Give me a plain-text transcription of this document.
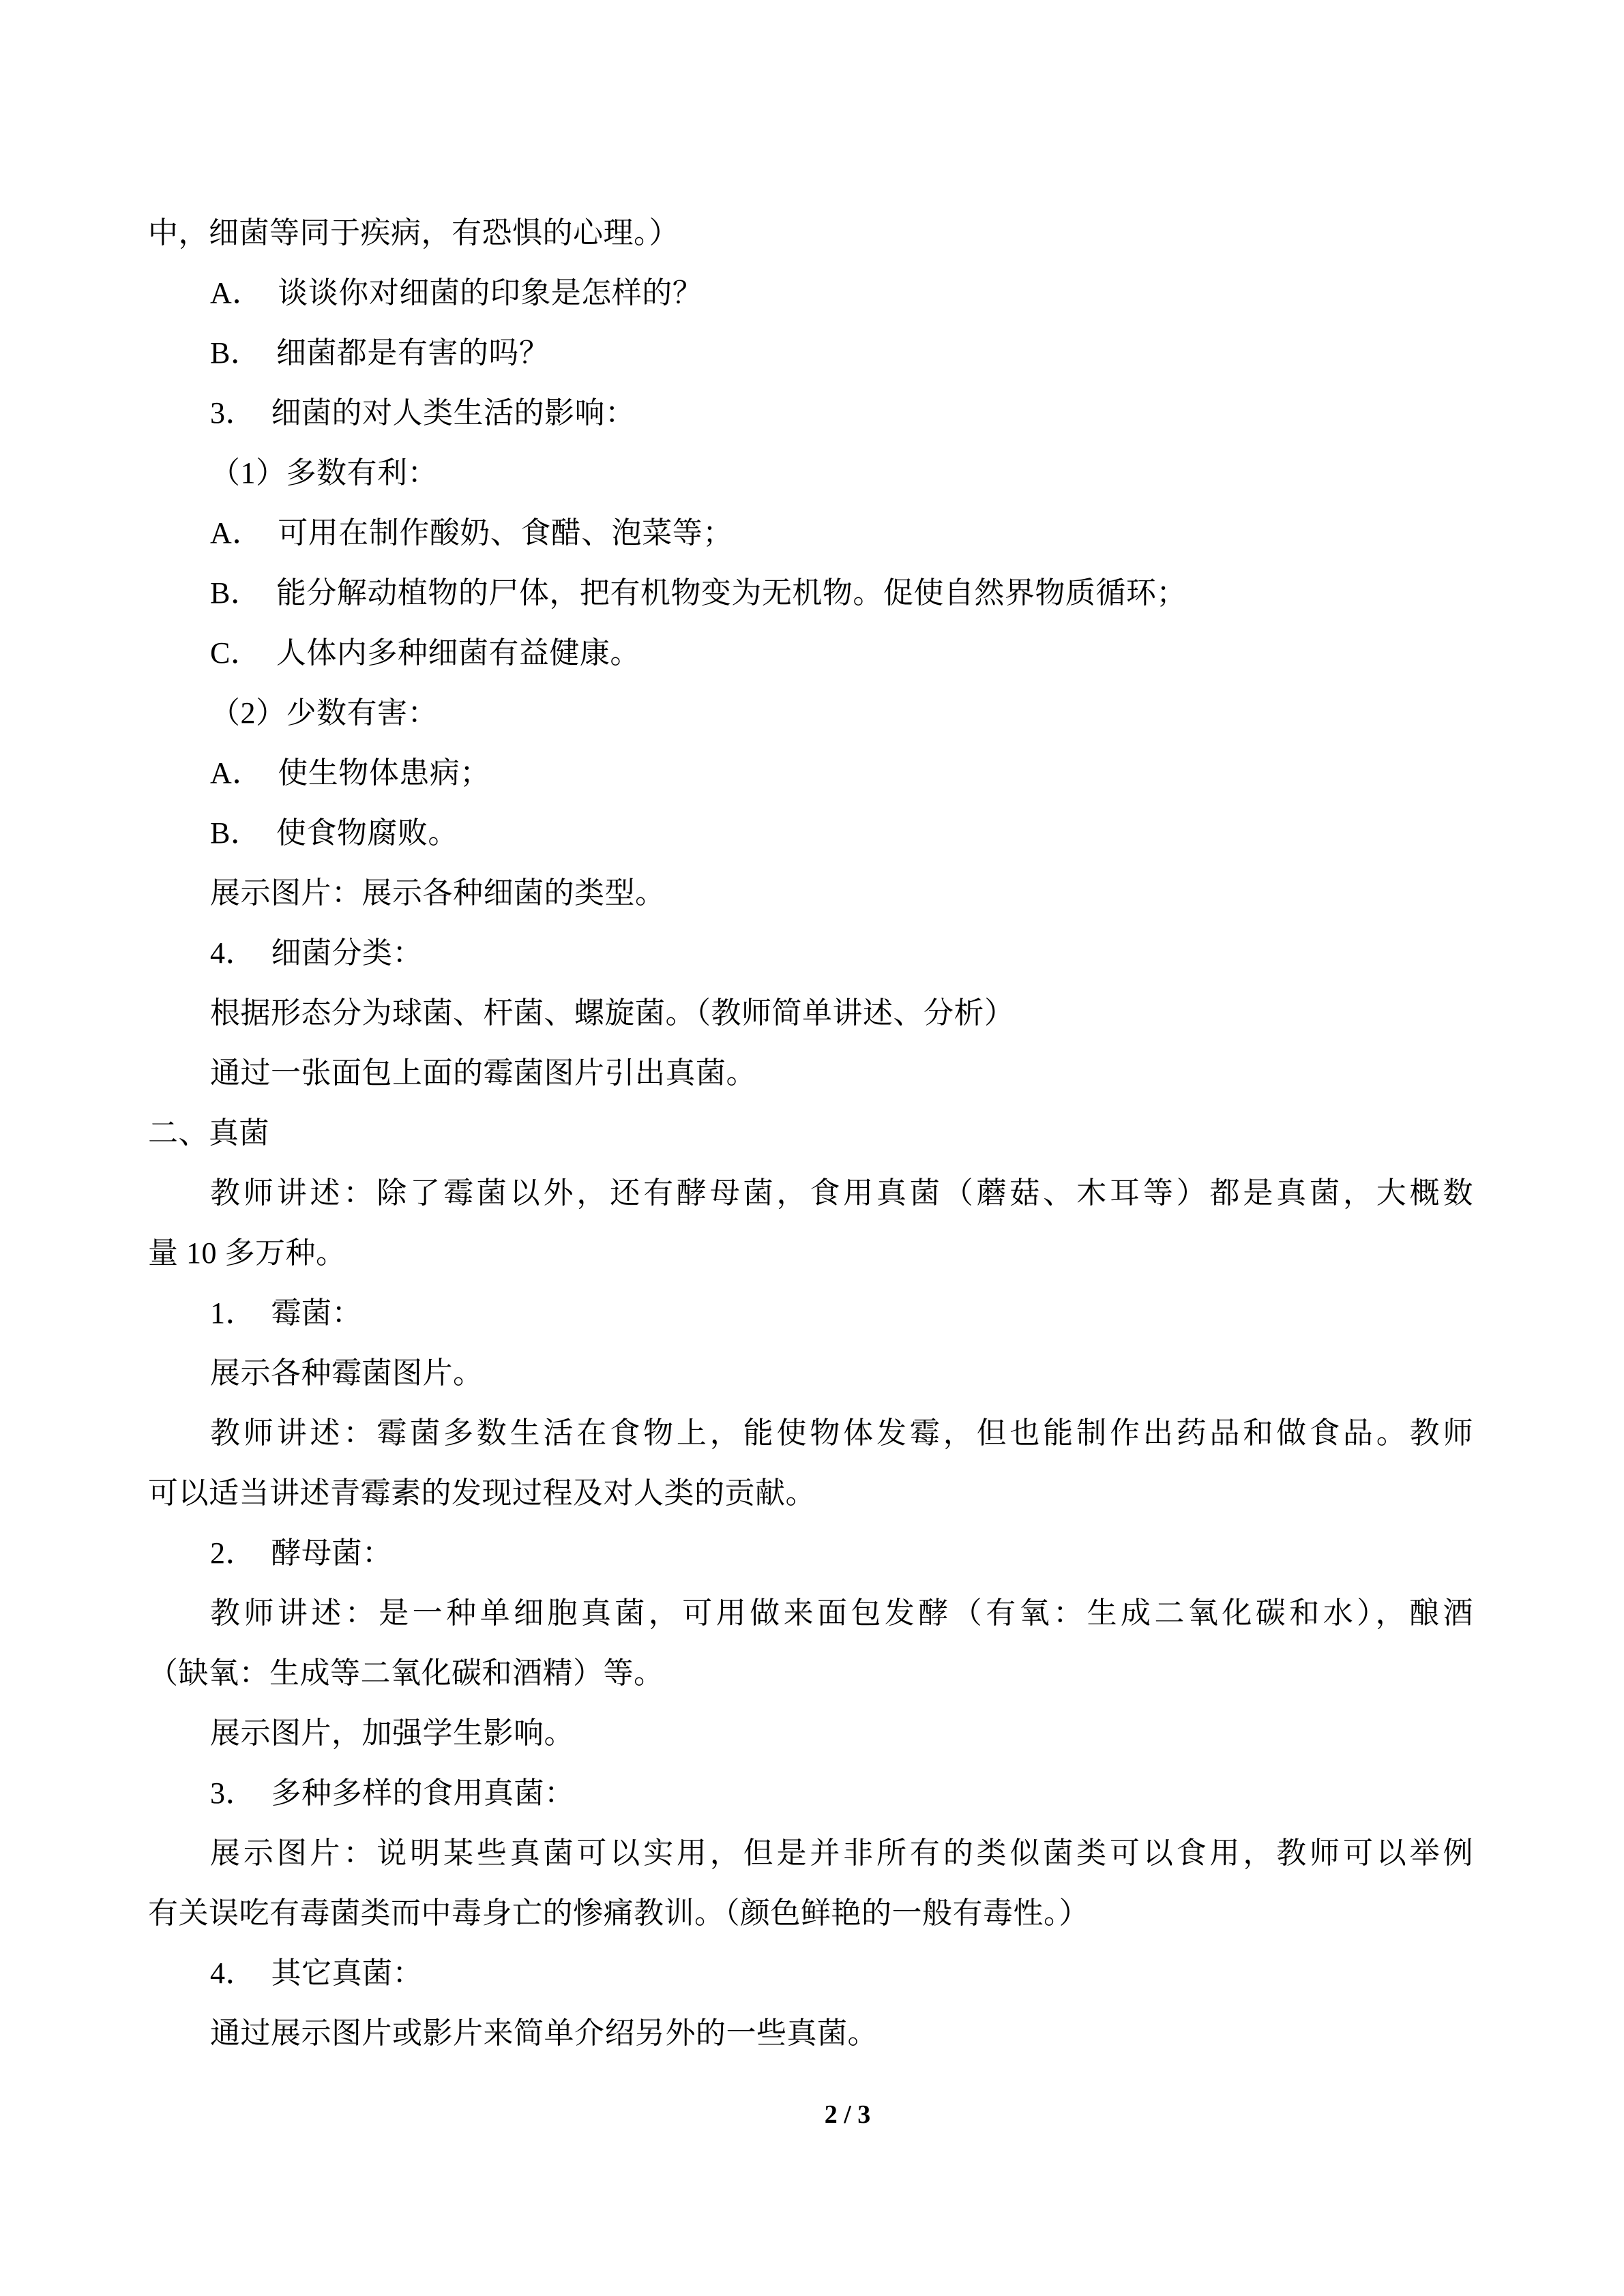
中，细菌等同于疾病，有恐惧的心理。）
A．　谈谈你对细菌的印象是怎样的？
B．　细菌都是有害的吗？
3．　细菌的对人类生活的影响：
（1）多数有利：
A．　可用在制作酸奶、食醋、泡菜等；
B．　能分解动植物的尸体，把有机物变为无机物。促使自然界物质循环；
C．　人体内多种细菌有益健康。
（2）少数有害：
A．　使生物体患病；
B．　使食物腐败。
展示图片：展示各种细菌的类型。
4．　细菌分类：
根据形态分为球菌、杆菌、螺旋菌。（教师简单讲述、分析）
通过一张面包上面的霉菌图片引出真菌。
二、真菌
教师讲述：除了霉菌以外，还有酵母菌，食用真菌（蘑菇、木耳等）都是真菌，大概数
量 10 多万种。
1．　霉菌：
展示各种霉菌图片。
教师讲述：霉菌多数生活在食物上，能使物体发霉，但也能制作出药品和做食品。教师
可以适当讲述青霉素的发现过程及对人类的贡献。
2．　酵母菌：
教师讲述：是一种单细胞真菌，可用做来面包发酵（有氧：生成二氧化碳和水），酿酒
（缺氧：生成等二氧化碳和酒精）等。
展示图片，加强学生影响。
3．　多种多样的食用真菌：
展示图片：说明某些真菌可以实用，但是并非所有的类似菌类可以食用，教师可以举例
有关误吃有毒菌类而中毒身亡的惨痛教训。（颜色鲜艳的一般有毒性。）
4．　其它真菌：
通过展示图片或影片来简单介绍另外的一些真菌。
2 / 3
